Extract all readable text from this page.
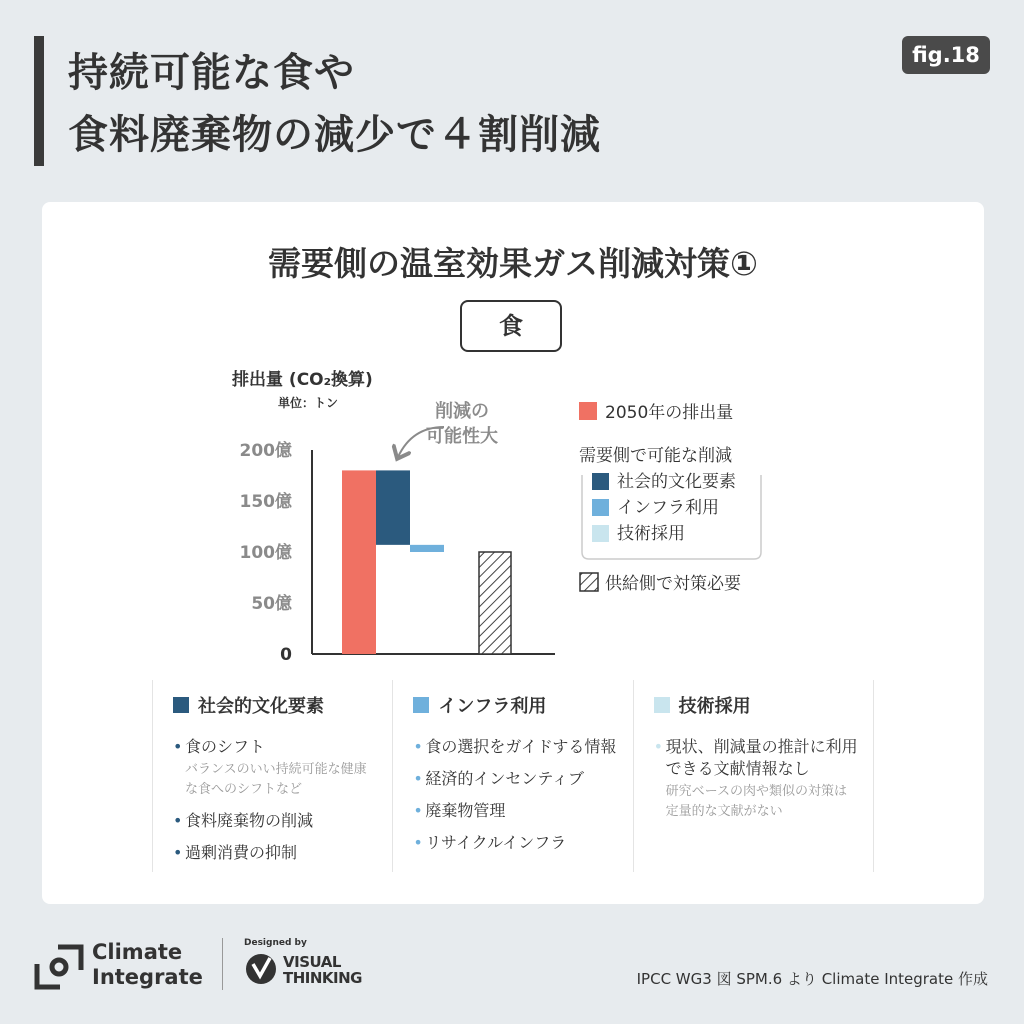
持続可能な食や
食料廃棄物の減少で４割削減
fig.18
需要側の温室効果ガス削減対策①
食
排出量 (CO₂換算)
単位：トン
0
50億
100億
150億
200億
削減の
可能性大
2050年の排出量
需要側で可能な削減
社会的文化要素
インフラ利用
技術採用
供給側で対策必要
社会的文化要素
• 食のシフト
バランスのいい持続可能な健康な食へのシフトなど
• 食料廃棄物の削減
• 過剰消費の抑制
インフラ利用
• 食の選択をガイドする情報
• 経済的インセンティブ
• 廃棄物管理
• リサイクルインフラ
技術採用
• 現状、削減量の推計に利用できる文献情報なし
研究ベースの肉や類似の対策は定量的な文献がない
Climate
Integrate
Designed by
VISUAL
THINKING	IPCC WG3 図 SPM.6 より Climate Integrate 作成
